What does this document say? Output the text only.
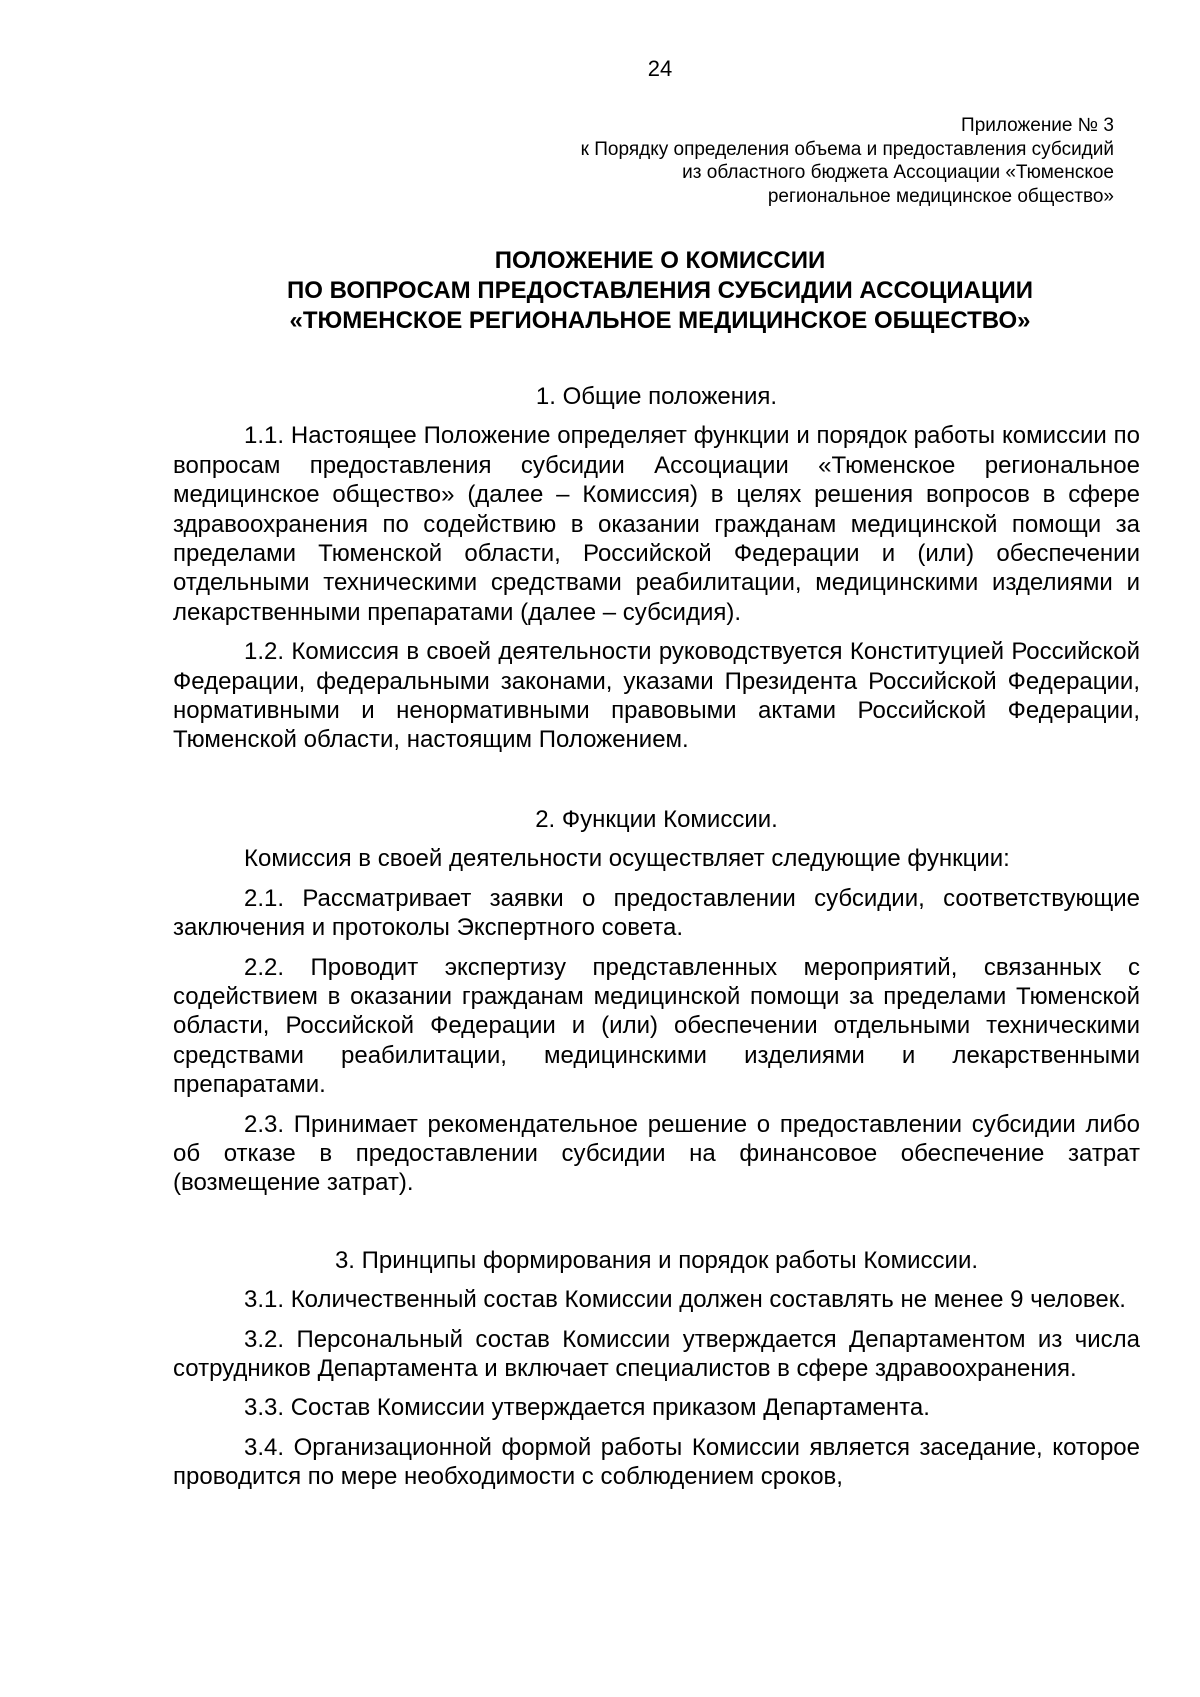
24
Приложение № 3
к Порядку определения объема и предоставления субсидий
из областного бюджета Ассоциации «Тюменское
региональное медицинское общество»
ПОЛОЖЕНИЕ О КОМИССИИ
ПО ВОПРОСАМ ПРЕДОСТАВЛЕНИЯ СУБСИДИИ АССОЦИАЦИИ
«ТЮМЕНСКОЕ РЕГИОНАЛЬНОЕ МЕДИЦИНСКОЕ ОБЩЕСТВО»
1. Общие положения.
1.1. Настоящее Положение определяет функции и порядок работы комиссии по вопросам предоставления субсидии Ассоциации «Тюменское региональное медицинское общество» (далее – Комиссия) в целях решения вопросов в сфере здравоохранения по содействию в оказании гражданам медицинской помощи за пределами Тюменской области, Российской Федерации и (или) обеспечении отдельными техническими средствами реабилитации, медицинскими изделиями и лекарственными препаратами (далее – субсидия).
1.2. Комиссия в своей деятельности руководствуется Конституцией Российской Федерации, федеральными законами, указами Президента Российской Федерации, нормативными и ненормативными правовыми актами Российской Федерации, Тюменской области, настоящим Положением.
2. Функции Комиссии.
Комиссия в своей деятельности осуществляет следующие функции:
2.1. Рассматривает заявки о предоставлении субсидии, соответствующие заключения и протоколы Экспертного совета.
2.2. Проводит экспертизу представленных мероприятий, связанных с содействием в оказании гражданам медицинской помощи за пределами Тюменской области, Российской Федерации и (или) обеспечении отдельными техническими средствами реабилитации, медицинскими изделиями и лекарственными препаратами.
2.3. Принимает рекомендательное решение о предоставлении субсидии либо об отказе в предоставлении субсидии на финансовое обеспечение затрат (возмещение затрат).
3. Принципы формирования и порядок работы Комиссии.
3.1. Количественный состав Комиссии должен составлять не менее 9 человек.
3.2. Персональный состав Комиссии утверждается Департаментом из числа сотрудников Департамента и включает специалистов в сфере здравоохранения.
3.3. Состав Комиссии утверждается приказом Департамента.
3.4. Организационной формой работы Комиссии является заседание, которое проводится по мере необходимости с соблюдением сроков,
